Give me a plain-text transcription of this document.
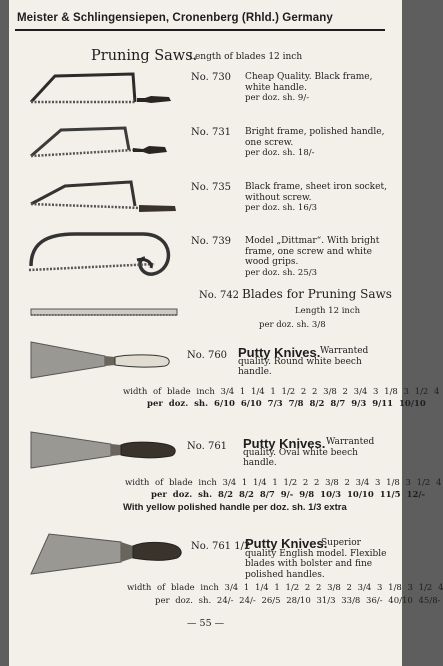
Meister & Schlingensiepen, Cronenberg (Rhld.) Germany
Pruning Saws.
Length of blades 12 inch
No. 730 Cheap Quality. Black frame, white handle.
per doz. sh. 9/-
No. 731 Bright frame, polished handle, one screw.
per doz. sh. 18/-
No. 735 Black frame, sheet iron socket, without screw.
per doz. sh. 16/3
No. 739 Model „Dittmar“. With bright frame, one screw and white wood grips.
per doz. sh. 25/3
No. 742 Blades for Pruning Saws
Length 12 inch
per doz. sh. 3/8
No. 760 Putty Knives. Warranted quality. Round white beech handle.
width of blade inch 3/4 1 1/4 1 1/2 2 2 3/8 2 3/4 3 1/8 3 1/2 4
per doz. sh. 6/10 6/10 7/3 7/8 8/2 8/7 9/3 9/11 10/10
No. 761 Putty Knives. Warranted quality. Oval white beech handle.
width of blade inch 3/4 1 1/4 1 1/2 2 2 3/8 2 3/4 3 1/8 3 1/2 4
per doz. sh. 8/2 8/2 8/7 9/- 9/8 10/3 10/10 11/5 12/-
With yellow polished handle per doz. sh. 1/3 extra
No. 761 1/2
Putty Knives.
Superior quality English model. Flexible blades with bolster and fine polished handles.
width of blade inch 3/4 1 1/4 1 1/2 2 2 3/8 2 3/4 3 1/8 3 1/2 4
per doz. sh. 24/- 24/- 26/5 28/10 31/3 33/8 36/- 40/10 45/8-
— 55 —
